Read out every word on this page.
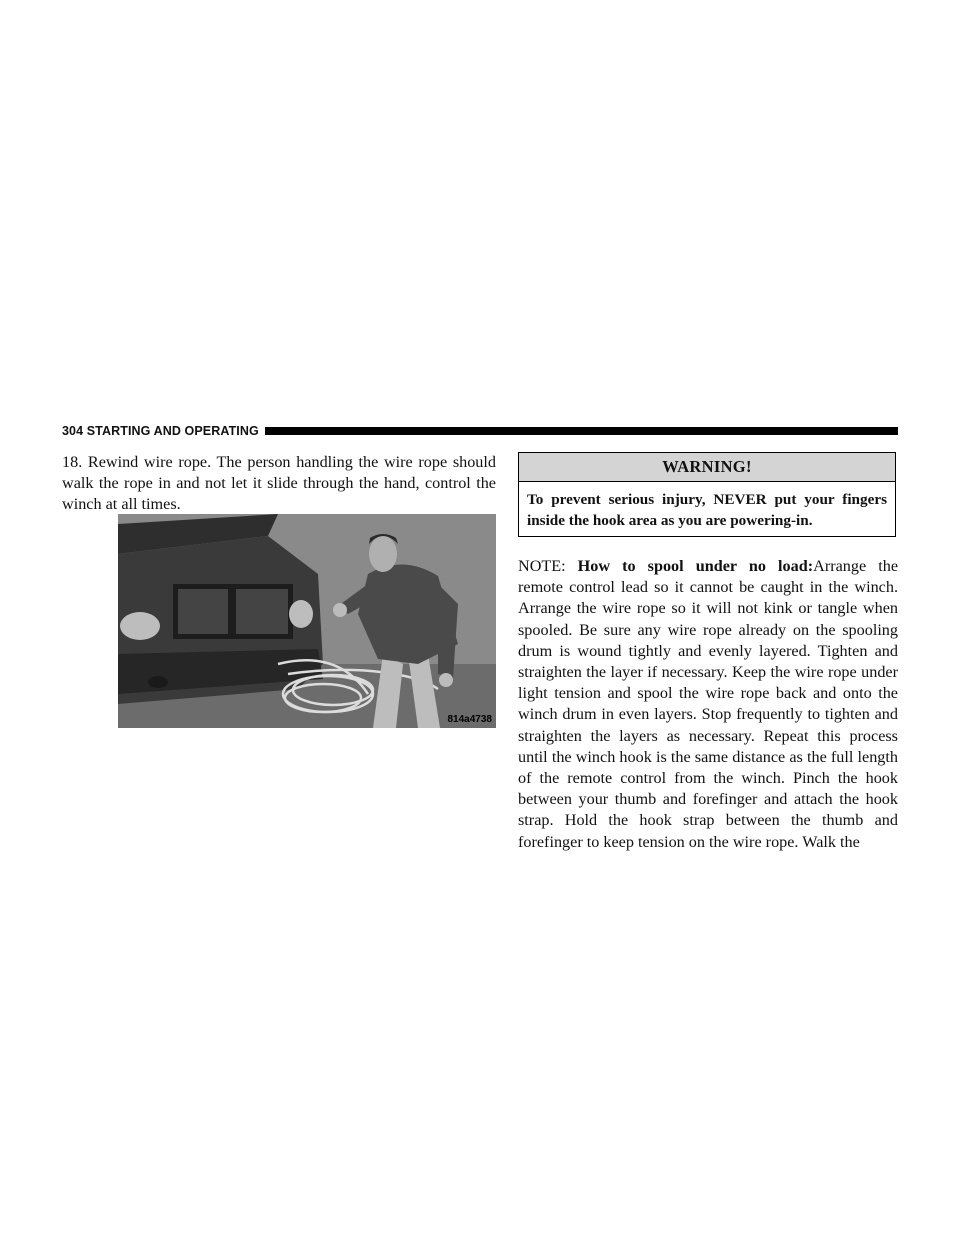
304 STARTING AND OPERATING

18. Rewind wire rope. The person handling the wire rope should walk the rope in and not let it slide through the hand, control the winch at all times.

814a4738
WARNING!
To prevent serious injury, NEVER put your fingers inside the hook area as you are powering-in.

NOTE: How to spool under no load:Arrange the remote control lead so it cannot be caught in the winch. Arrange the wire rope so it will not kink or tangle when spooled. Be sure any wire rope already on the spooling drum is wound tightly and evenly layered. Tighten and straighten the layer if necessary. Keep the wire rope under light tension and spool the wire rope back and onto the winch drum in even layers. Stop frequently to tighten and straighten the layers as necessary. Repeat this process until the winch hook is the same distance as the full length of the remote control from the winch. Pinch the hook between your thumb and forefinger and attach the hook strap. Hold the hook strap between the thumb and forefinger to keep tension on the wire rope. Walk the
